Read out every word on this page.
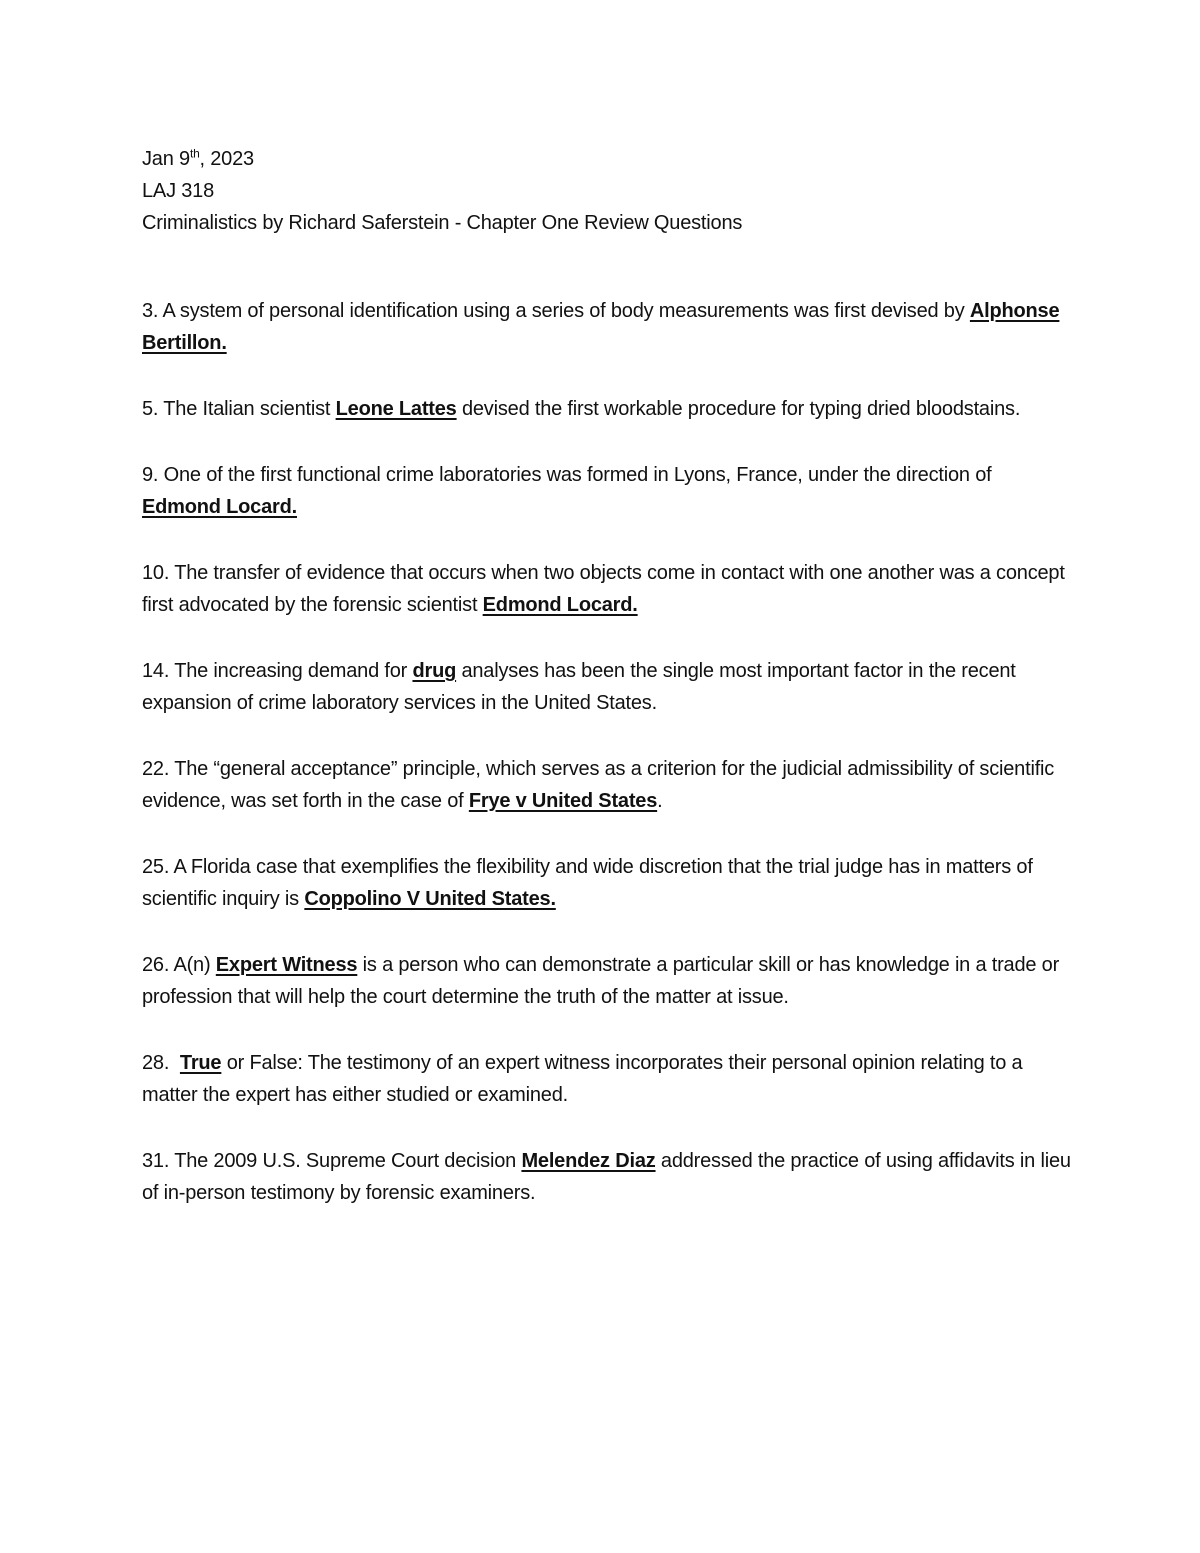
Jan 9th, 2023
LAJ 318
Criminalistics by Richard Saferstein - Chapter One Review Questions

3. A system of personal identification using a series of body measurements was first devised by Alphonse Bertillon.

5. The Italian scientist Leone Lattes devised the first workable procedure for typing dried bloodstains.

9. One of the first functional crime laboratories was formed in Lyons, France, under the direction of Edmond Locard.

10. The transfer of evidence that occurs when two objects come in contact with one another was a concept first advocated by the forensic scientist Edmond Locard.

14. The increasing demand for drug analyses has been the single most important factor in the recent expansion of crime laboratory services in the United States.

22. The “general acceptance” principle, which serves as a criterion for the judicial admissibility of scientific evidence, was set forth in the case of Frye v United States.

25. A Florida case that exemplifies the flexibility and wide discretion that the trial judge has in matters of scientific inquiry is Coppolino V United States.

26. A(n) Expert Witness is a person who can demonstrate a particular skill or has knowledge in a trade or profession that will help the court determine the truth of the matter at issue.

28.  True or False: The testimony of an expert witness incorporates their personal opinion relating to a matter the expert has either studied or examined.

31. The 2009 U.S. Supreme Court decision Melendez Diaz addressed the practice of using affidavits in lieu of in-person testimony by forensic examiners.
